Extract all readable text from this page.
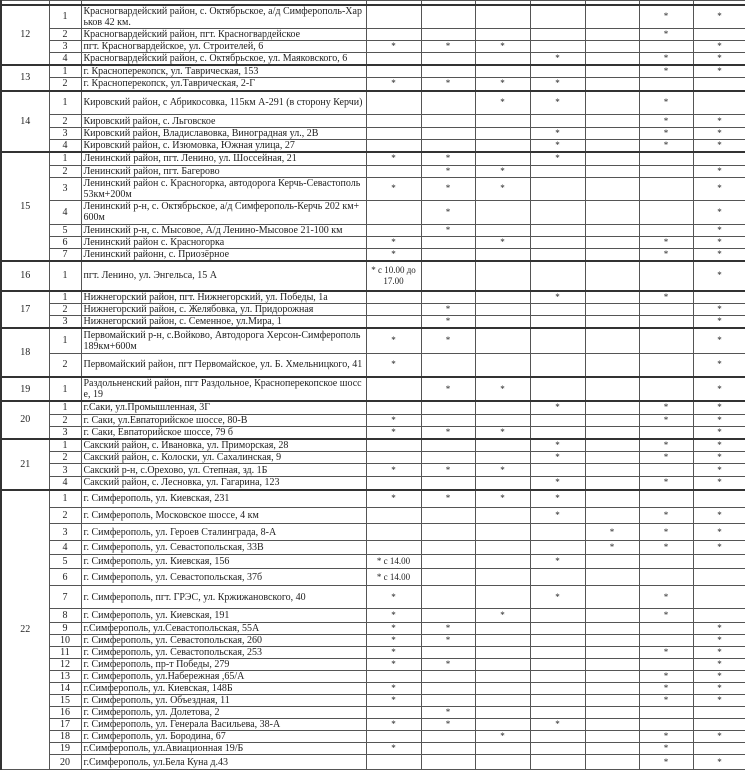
12	1	Красногвардейский район, с. Октябрьское, а/д Симферополь-Харьков 42 км.						*	*
	2	Красногвардейский район, пгт. Красногвардейское						*	
	3	пгт. Красногвардейское, ул. Строителей, 6	*	*	*				*
	4	Красногвардейский район, с. Октябрьское, ул. Маяковского, 6				*		*	*
13	1	г. Красноперекопск, ул. Таврическая, 153						*	*
	2	г. Красноперекопск, ул.Таврическая, 2-Г	*	*	*	*			
14	1	Кировский район, с Абрикосовка, 115км А-291 (в сторону Керчи)			*	*		*	
	2	Кировский район, с. Льговское						*	*
	3	Кировский район, Владиславовка, Виноградная ул., 2В				*		*	*
	4	Кировский район, с. Изюмовка, Южная улица, 27				*		*	*
15	1	Ленинский район, пгт. Ленино, ул. Шоссейная, 21	*	*		*			
	2	Ленинский район, пгт. Багерово		*	*				*
	3	Ленинский район с. Красногорка, автодорога Керчь-Севастополь 53км+200м	*	*	*				*
	4	Ленинский р-н, с. Октябрьское, а/д Симферополь-Керчь 202 км+600м		*					*
	5	Ленинский р-н, с. Мысовое, А/д Ленино-Мысовое 21-100 км		*					*
	6	Ленинский район с. Красногорка	*		*			*	*
	7	Ленинский районн, с. Приозёрное	*					*	*
16	1	пгт. Ленино, ул. Энгельса, 15 А	* с 10.00 до 17.00						*
17	1	Нижнегорский район, пгт. Нижнегорский, ул. Победы, 1а				*		*	
	2	Нижнегорский район, с. Желябовка, ул. Придорожная		*					*
	3	Нижнегорский район, с. Семенное, ул.Мира, 1		*					*
18	1	Первомайский р-н, с.Войково, Автодорога Херсон-Симферополь 189км+600м	*	*					*
	2	Первомайский район, пгт Первомайское, ул. Б. Хмельницкого, 41	*						*
19	1	Раздольненский район, пгт Раздольное, Красноперекопское шоссе, 19		*	*				*
20	1	г.Саки, ул.Промышленная, 3Г				*		*	*
	2	г. Саки, ул.Евпаторийское шоссе, 80-В	*					*	*
	3	г. Саки, Евпаторийское шоссе, 79 б	*	*	*				*
21	1	Сакский район, с. Ивановка, ул. Приморская, 28				*		*	*
	2	Сакский район, с. Колоски, ул. Сахалинская, 9				*		*	*
	3	Сакский р-н, с.Орехово, ул. Степная, зд. 1Б	*	*	*				*
	4	Сакский район, с. Лесновка, ул. Гагарина, 123				*		*	*
22	1	г. Симферополь, ул. Киевская, 231	*	*	*	*			
	2	г. Симферополь, Московское шоссе, 4 км				*		*	*
	3	г. Симферополь, ул. Героев Сталинграда, 8-А					*	*	*
	4	г. Симферополь, ул. Севастопольская, 33В					*	*	*
	5	г. Симферополь, ул. Киевская, 156	* с 14.00			*			
	6	г. Симферополь, ул. Севастопольская, 37б	* с 14.00						
	7	г. Симферополь, пгт. ГРЭС, ул. Кржижановского, 40	*			*		*	
	8	г. Симферополь, ул. Киевская, 191	*		*			*	
	9	г.Симферополь, ул.Севастопольская, 55А	*	*					*
	10	г. Симферополь, ул. Севастопольская, 260	*	*					*
	11	г. Симферополь, ул. Севастопольская, 253	*					*	*
	12	г. Симферополь, пр-т Победы, 279	*	*					*
	13	г. Симферополь, ул.Набережная ,65/А						*	*
	14	г.Симферополь, ул. Киевская, 148Б	*					*	*
	15	г. Симферополь, ул. Объездная, 11	*					*	*
	16	г. Симферополь, ул. Долетова, 2		*					
	17	г. Симферополь, ул. Генерала Васильева, 38-А	*	*		*			
	18	г. Симферополь, ул. Бородина, 67			*			*	*
	19	г.Симферополь, ул.Авиационная 19/Б	*					*	
	20	г.Симферополь, ул.Бела Куна д.43						*	*
